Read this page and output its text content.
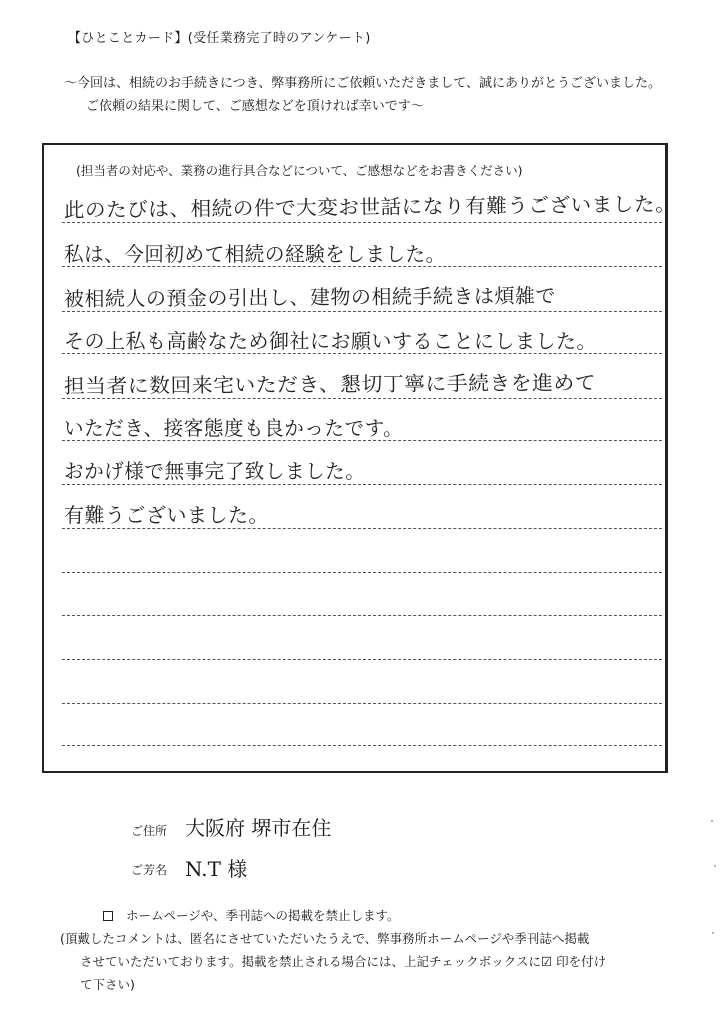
【ひとことカード】(受任業務完了時のアンケート)
〜今回は、相続のお手続きにつき、弊事務所にご依頼いただきまして、誠にありがとうございました。
ご依頼の結果に関して、ご感想などを頂ければ幸いです〜
(担当者の対応や、業務の進行具合などについて、ご感想などをお書きください)
此のたびは、相続の件で大変お世話になり有難うございました。
私は、今回初めて相続の経験をしました。
被相続人の預金の引出し、建物の相続手続きは煩雑で
その上私も高齢なため御社にお願いすることにしました。
担当者に数回来宅いただき、懇切丁寧に手続きを進めて
いただき、接客態度も良かったです。
おかげ様で無事完了致しました。
有難うございました。
ご住所 大阪府 堺市在住
ご芳名 N.T 様
ホームページや、季刊誌への掲載を禁止します。
(頂戴したコメントは、匿名にさせていただいたうえで、弊事務所ホームページや季刊誌へ掲載
させていただいております。掲載を禁止される場合には、上記チェックボックスに☑ 印を付け
て下さい)
